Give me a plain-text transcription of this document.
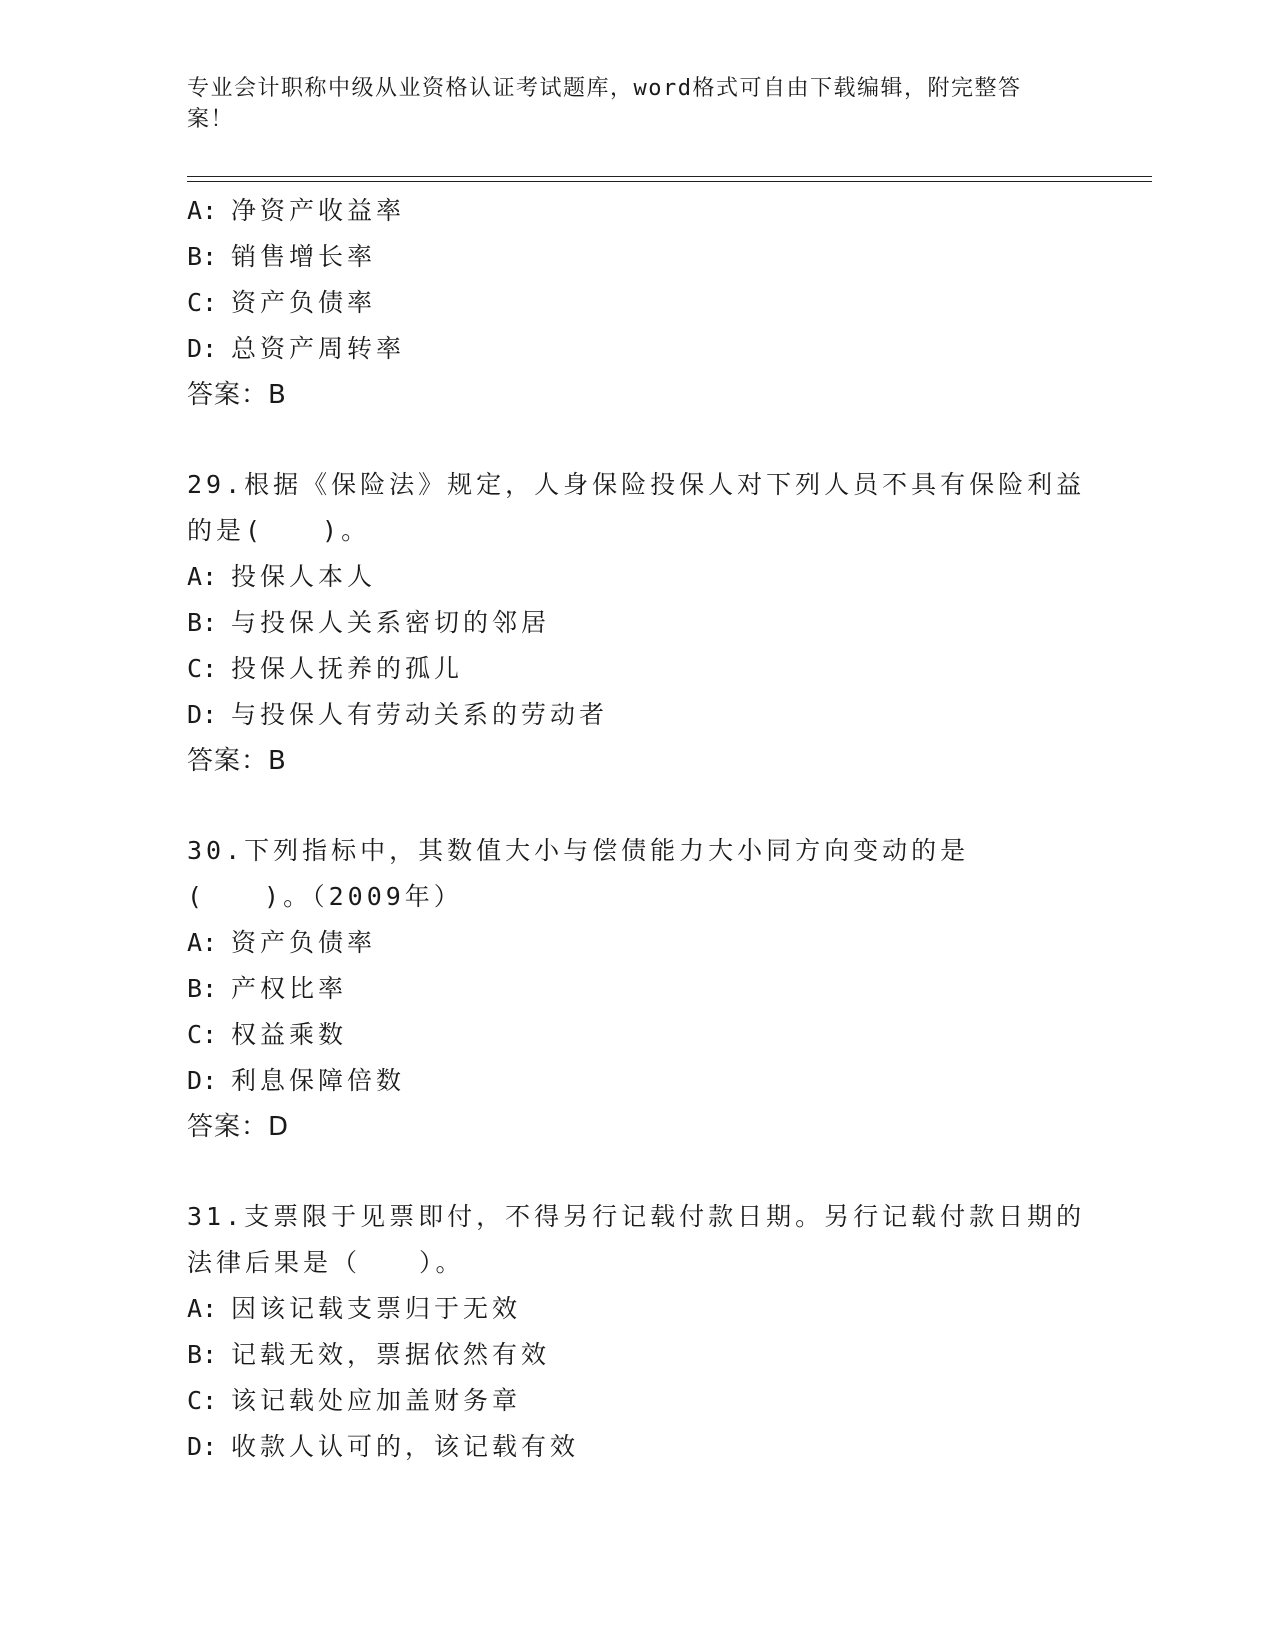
专业会计职称中级从业资格认证考试题库，word格式可自由下载编辑，附完整答案！
A: 净资产收益率
B: 销售增长率
C: 资产负债率
D: 总资产周转率
答案：B
29.根据《保险法》规定，人身保险投保人对下列人员不具有保险利益的是(　　)。
A: 投保人本人
B: 与投保人关系密切的邻居
C: 投保人抚养的孤儿
D: 与投保人有劳动关系的劳动者
答案：B
30.下列指标中，其数值大小与偿债能力大小同方向变动的是(　　)。（2009年）
A: 资产负债率
B: 产权比率
C: 权益乘数
D: 利息保障倍数
答案：D
31.支票限于见票即付，不得另行记载付款日期。另行记载付款日期的法律后果是（　　）。
A: 因该记载支票归于无效
B: 记载无效，票据依然有效
C: 该记载处应加盖财务章
D: 收款人认可的，该记载有效
